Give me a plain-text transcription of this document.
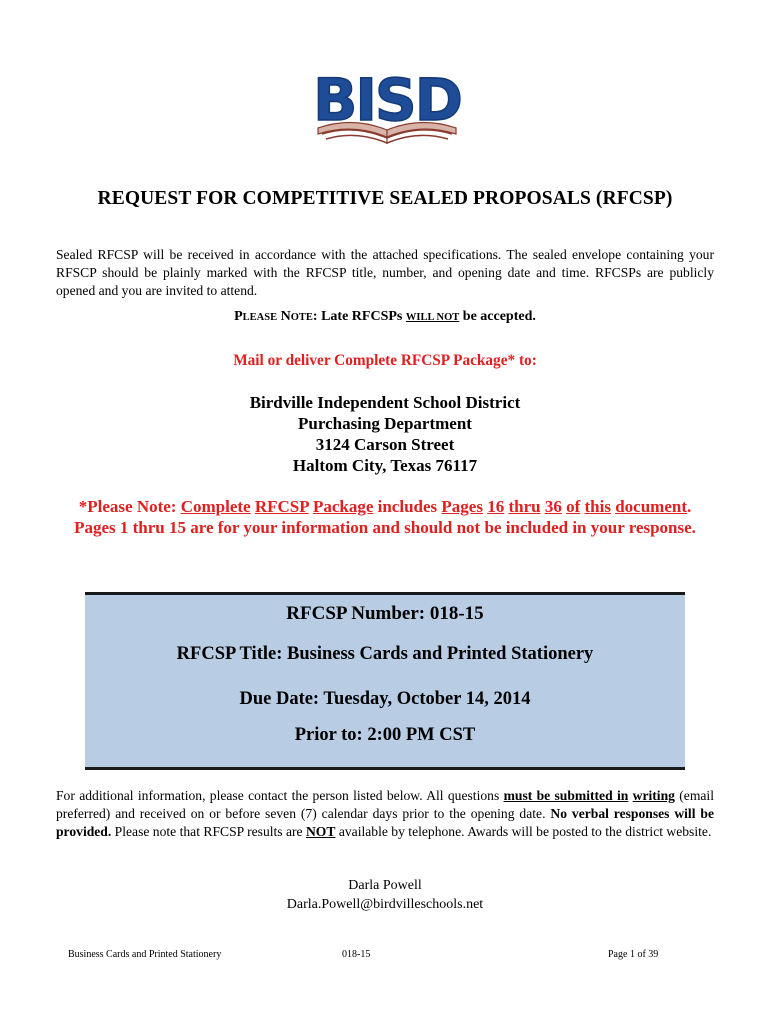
BISD
REQUEST FOR COMPETITIVE SEALED PROPOSALS (RFCSP)

Sealed RFCSP will be received in accordance with the attached specifications. The sealed envelope containing your RFSCP should be plainly marked with the RFCSP title, number, and opening date and time. RFCSPs are publicly opened and you are invited to attend.

PLEASE NOTE: Late RFCSPs WILL NOT be accepted.
Mail or deliver Complete RFCSP Package* to:
Birdville Independent School District
Purchasing Department
3124 Carson Street
Haltom City, Texas 76117
*Please Note: Complete RFCSP Package includes Pages 16 thru 36 of this document. Pages 1 thru 15 are for your information and should not be included in your response.
RFCSP Number: 018-15
RFCSP Title: Business Cards and Printed Stationery
Due Date: Tuesday, October 14, 2014
Prior to: 2:00 PM CST

For additional information, please contact the person listed below. All questions must be submitted in writing (email preferred) and received on or before seven (7) calendar days prior to the opening date. No verbal responses will be provided. Please note that RFCSP results are NOT available by telephone. Awards will be posted to the district website.

Darla Powell
Darla.Powell@birdvilleschools.net
Business Cards and Printed Stationery	018-15	Page 1 of 39
